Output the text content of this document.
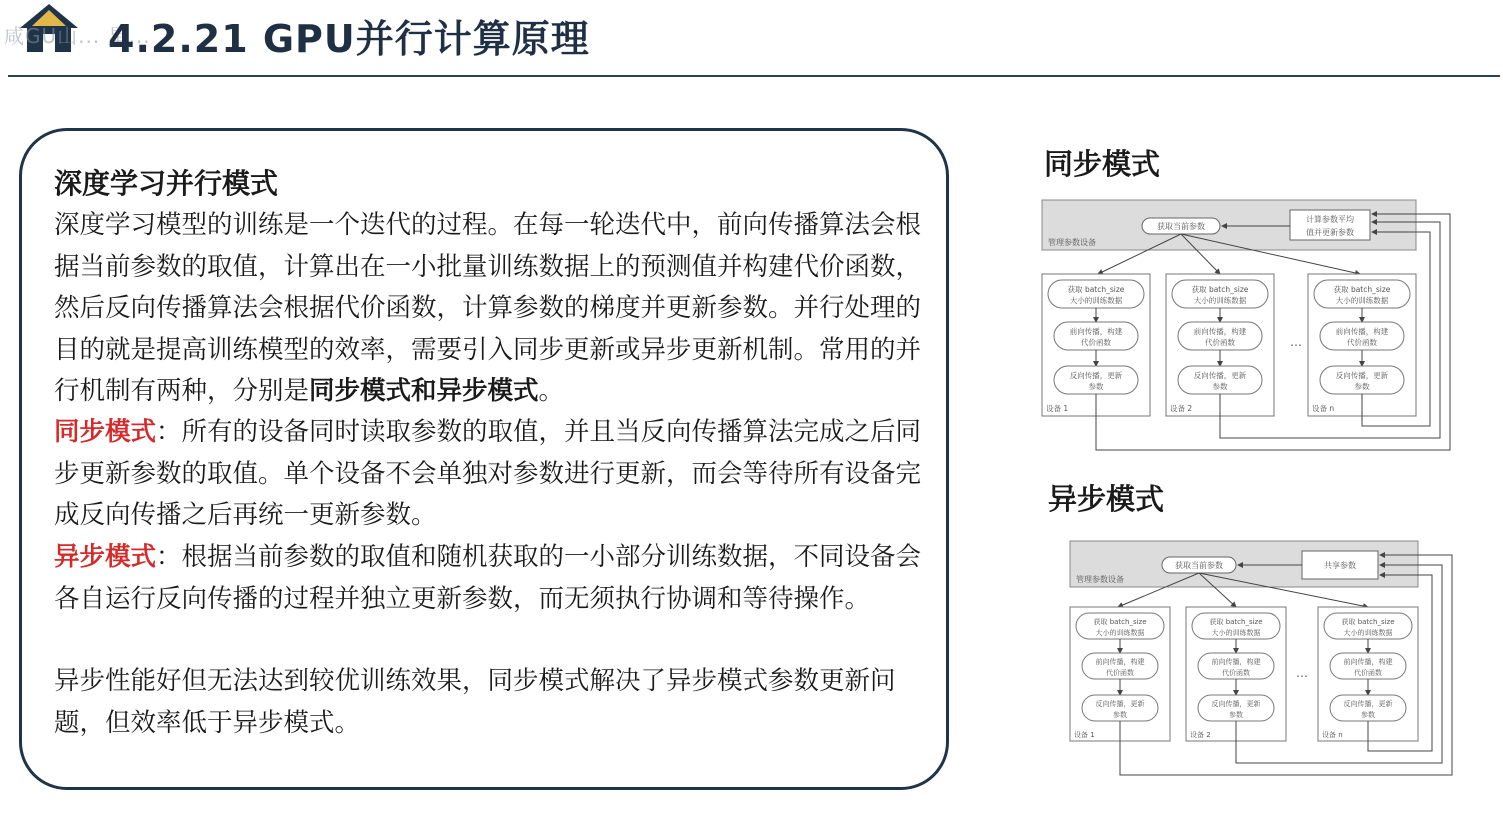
咸GU山... 星...
4.2.21 GPU并行计算原理
深度学习并行模式
深度学习模型的训练是一个迭代的过程。在每一轮迭代中，前向传播算法会根据当前参数的取值，计算出在一小批量训练数据上的预测值并构建代价函数，然后反向传播算法会根据代价函数，计算参数的梯度并更新参数。并行处理的目的就是提高训练模型的效率，需要引入同步更新或异步更新机制。常用的并行机制有两种，分别是同步模式和异步模式。
同步模式：所有的设备同时读取参数的取值，并且当反向传播算法完成之后同步更新参数的取值。单个设备不会单独对参数进行更新，而会等待所有设备完成反向传播之后再统一更新参数。
异步模式：根据当前参数的取值和随机获取的一小部分训练数据，不同设备会各自运行反向传播的过程并独立更新参数，而无须执行协调和等待操作。
异步性能好但无法达到较优训练效果，同步模式解决了异步模式参数更新问题，但效率低于异步模式。
同步模式
管理参数设备
获取当前参数
计算参数平均
值并更新参数
获取 batch_size
大小的训练数据
前向传播，构建
代价函数
反向传播，更新
参数
设备 1
获取 batch_size
大小的训练数据
前向传播，构建
代价函数
反向传播，更新
参数
设备 2
…
获取 batch_size
大小的训练数据
前向传播，构建
代价函数
反向传播，更新
参数
设备 n
异步模式
管理参数设备
获取当前参数	共享参数
获取 batch_size
大小的训练数据
前向传播，构建
代价函数
反向传播，更新
参数
设备 1
获取 batch_size
大小的训练数据
前向传播，构建
代价函数
反向传播，更新
参数
设备 2
…
获取 batch_size
大小的训练数据
前向传播，构建
代价函数
反向传播，更新
参数
设备 n
